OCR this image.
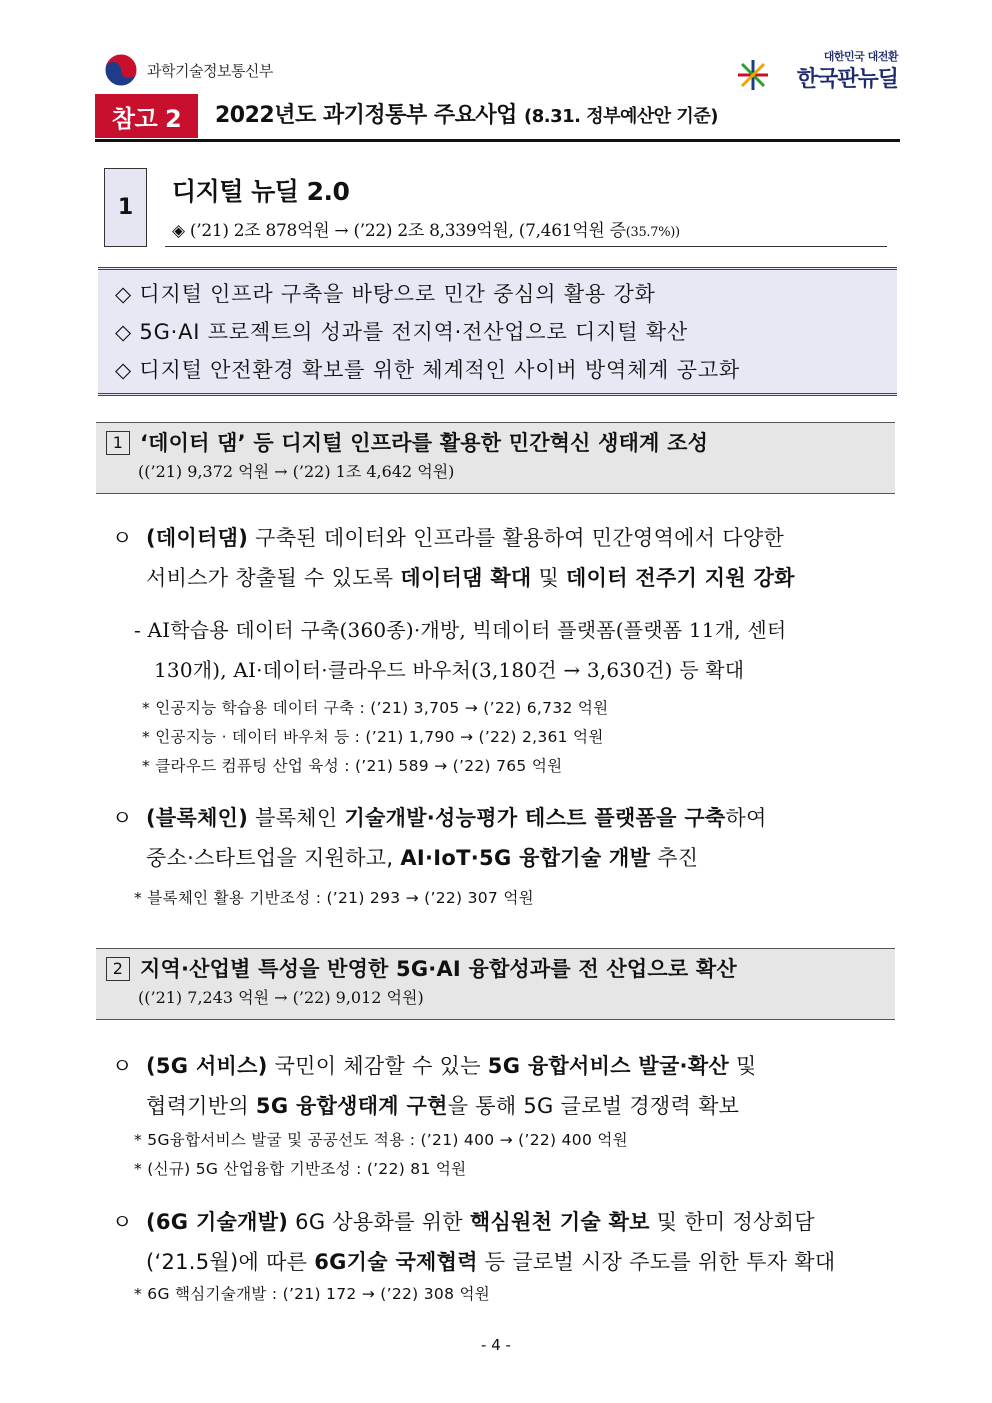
과학기술정보통신부
대한민국 대전환
한국판뉴딜
참고 2	2022년도 과기정통부 주요사업 (8.31. 정부예산안 기준)
1
디지털 뉴딜 2.0
◈ (’21) 2조 878억원 → (’22) 2조 8,339억원, (7,461억원 증(35.7%))
◇ 디지털 인프라 구축을 바탕으로 민간 중심의 활용 강화
◇ 5G·AI 프로젝트의 성과를 전지역·전산업으로 디지털 확산
◇ 디지털 안전환경 확보를 위한 체계적인 사이버 방역체계 공고화
1 ‘데이터 댐’ 등 디지털 인프라를 활용한 민간혁신 생태계 조성
((’21) 9,372 억원 → (’22) 1조 4,642 억원)
ㅇ (데이터댐) 구축된 데이터와 인프라를 활용하여 민간영역에서 다양한
서비스가 창출될 수 있도록 데이터댐 확대 및 데이터 전주기 지원 강화
- AI학습용 데이터 구축(360종)·개방, 빅데이터 플랫폼(플랫폼 11개, 센터
130개), AI·데이터·클라우드 바우처(3,180건 → 3,630건) 등 확대
* 인공지능 학습용 데이터 구축 : (’21) 3,705 → (’22) 6,732 억원
* 인공지능 · 데이터 바우처 등 : (’21) 1,790 → (’22) 2,361 억원
* 클라우드 컴퓨팅 산업 육성 : (’21) 589 → (’22) 765 억원
ㅇ (블록체인) 블록체인 기술개발·성능평가 테스트 플랫폼을 구축하여
중소·스타트업을 지원하고, AI·IoT·5G 융합기술 개발 추진
* 블록체인 활용 기반조성 : (’21) 293 → (’22) 307 억원
2 지역·산업별 특성을 반영한 5G·AI 융합성과를 전 산업으로 확산
((’21) 7,243 억원 → (’22) 9,012 억원)
ㅇ (5G 서비스) 국민이 체감할 수 있는 5G 융합서비스 발굴·확산 및
협력기반의 5G 융합생태계 구현을 통해 5G 글로벌 경쟁력 확보
* 5G융합서비스 발굴 및 공공선도 적용 : (’21) 400 → (’22) 400 억원
* (신규) 5G 산업융합 기반조성 : (’22) 81 억원
ㅇ (6G 기술개발) 6G 상용화를 위한 핵심원천 기술 확보 및 한미 정상회담
(‘21.5월)에 따른 6G기술 국제협력 등 글로벌 시장 주도를 위한 투자 확대
* 6G 핵심기술개발 : (’21) 172 → (’22) 308 억원
- 4 -
